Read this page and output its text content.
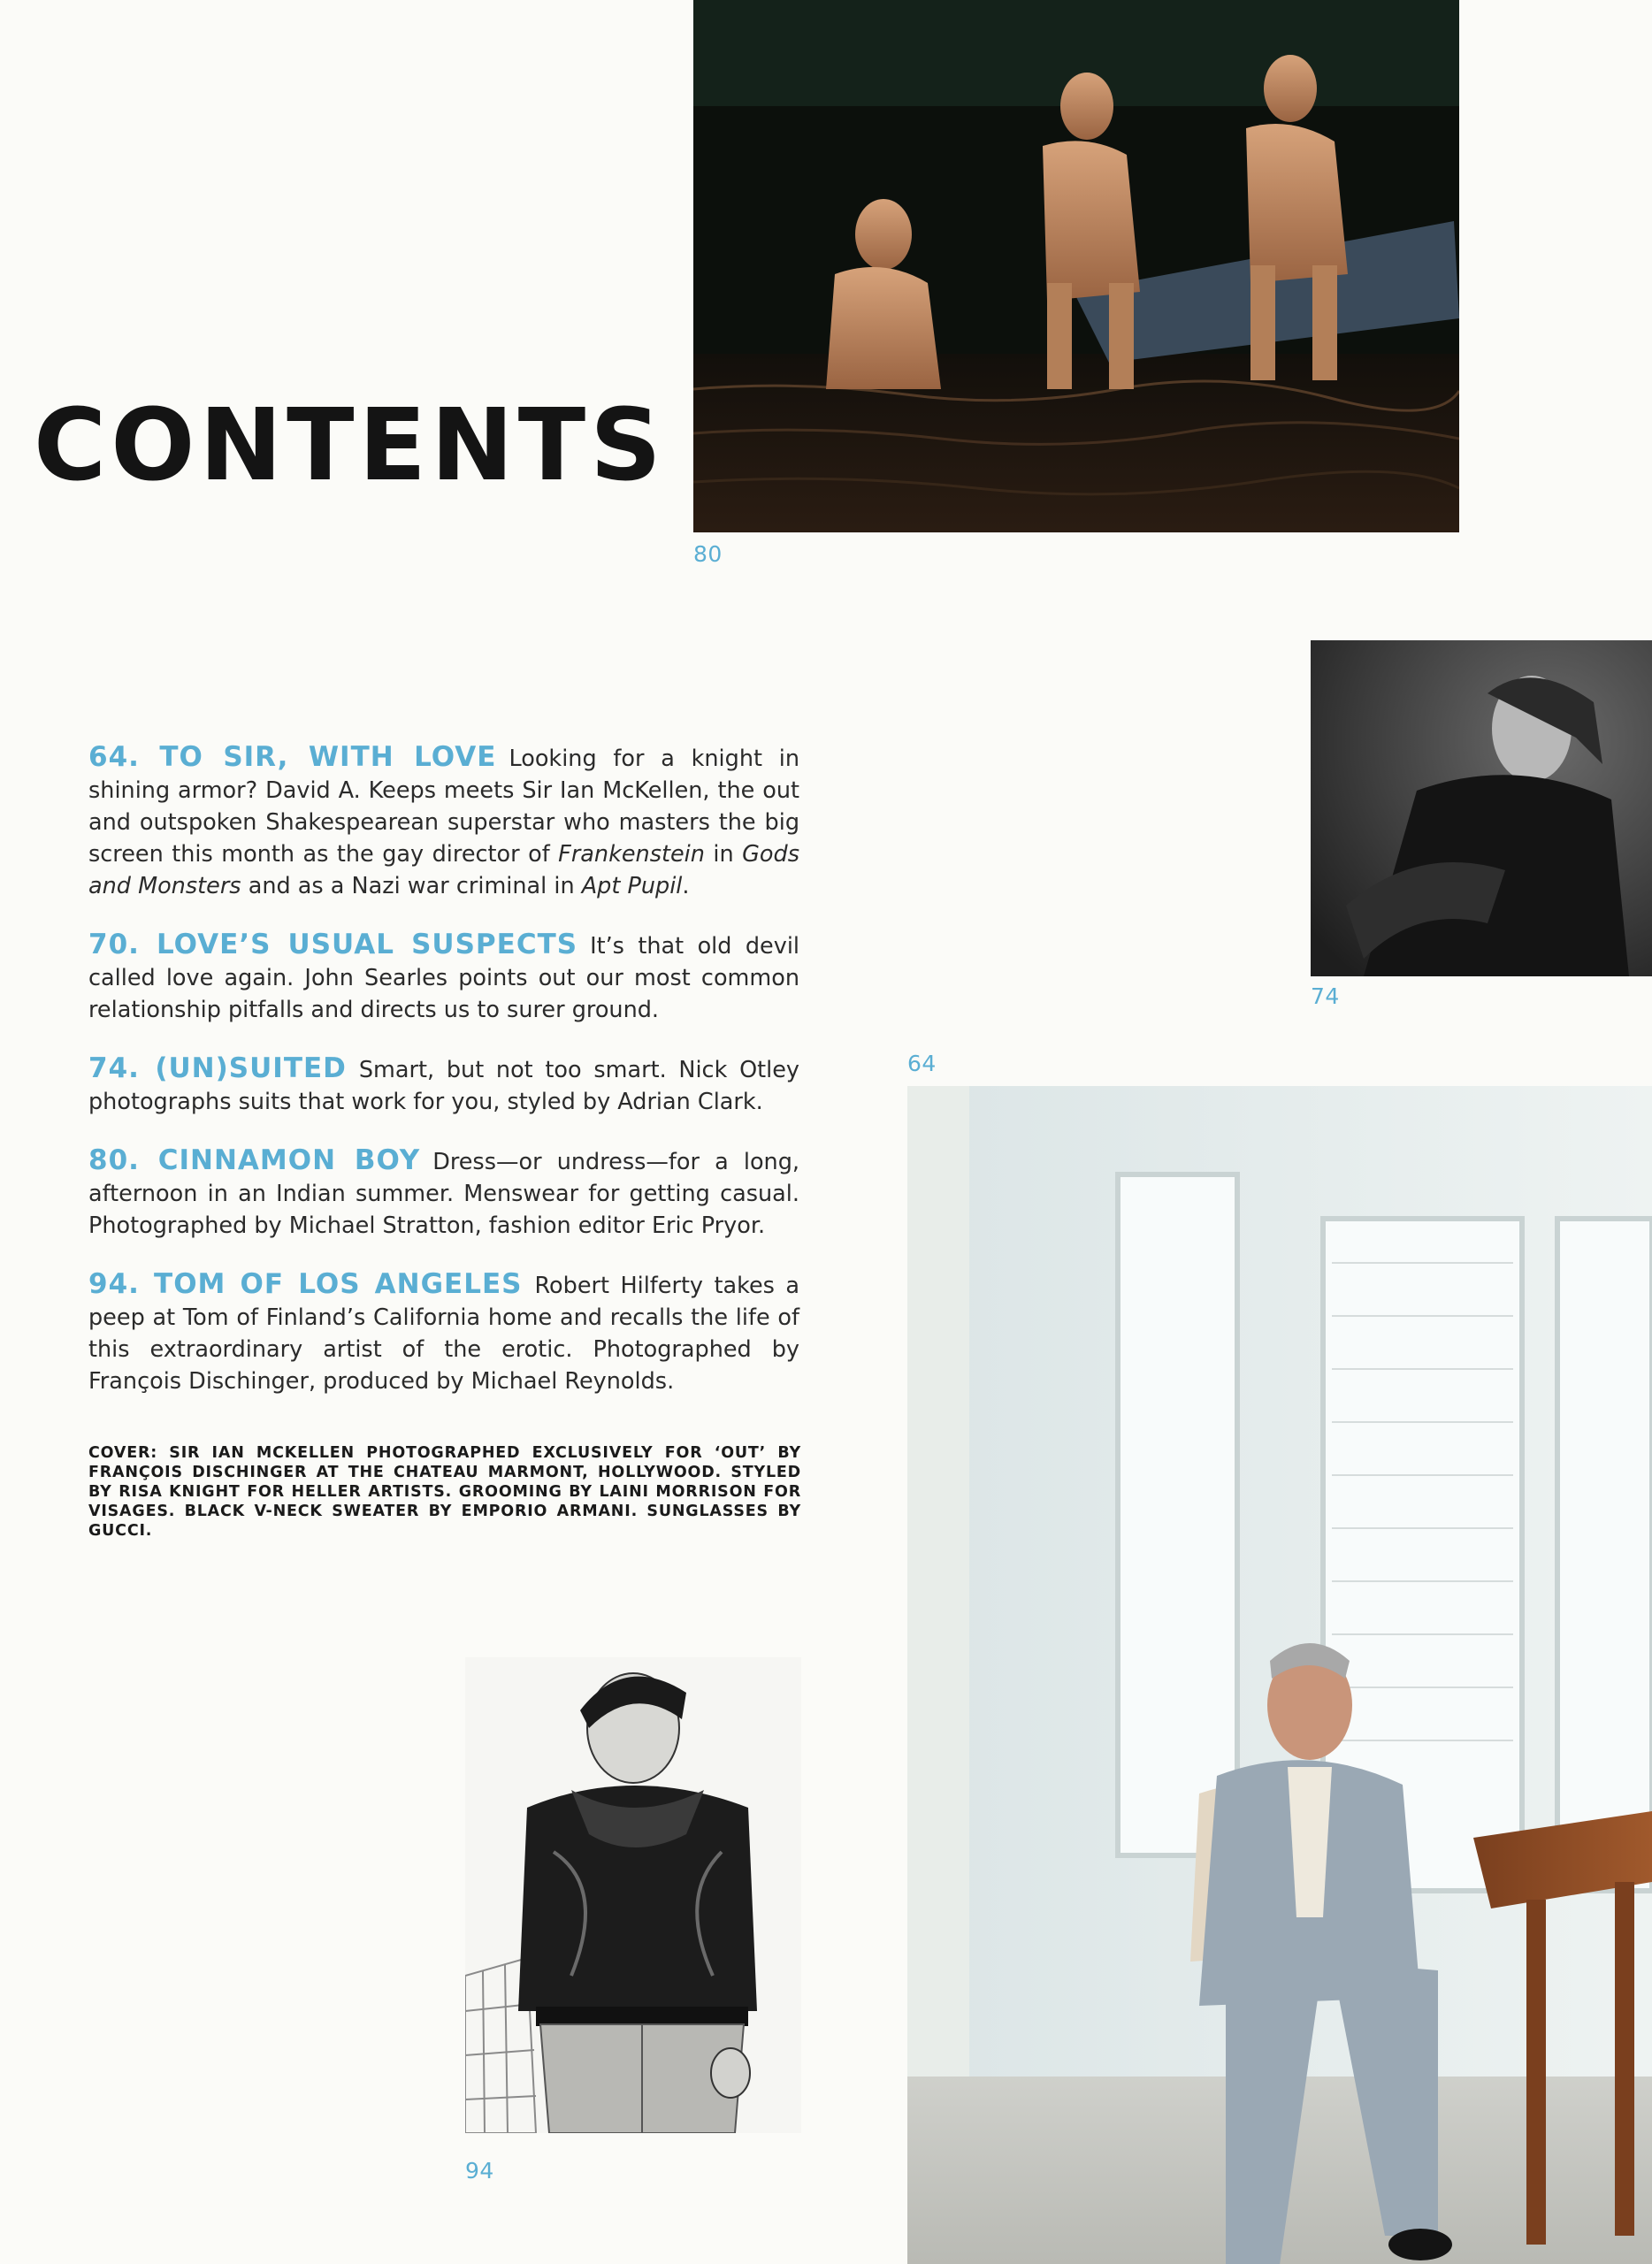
CONTENTS
80
74
64
94

64. TO SIR, WITH LOVE Looking for a knight in shining armor? David A. Keeps meets Sir Ian McKellen, the out and outspoken Shakespearean superstar who masters the big screen this month as the gay director of Frankenstein in Gods and Monsters and as a Nazi war criminal in Apt Pupil.

70. LOVE’S USUAL SUSPECTS It’s that old devil called love again. John Searles points out our most common relationship pitfalls and directs us to surer ground.

74. (UN)SUITED Smart, but not too smart. Nick Otley photographs suits that work for you, styled by Adrian Clark.

80. CINNAMON BOY Dress—or undress—for a long, afternoon in an Indian summer. Menswear for getting casual. Photographed by Michael Stratton, fashion editor Eric Pryor.

94. TOM OF LOS ANGELES Robert Hilferty takes a peep at Tom of Finland’s California home and recalls the life of this extraordinary artist of the erotic. Photographed by François Dischinger, produced by Michael Reynolds.

COVER: SIR IAN MCKELLEN PHOTOGRAPHED EXCLUSIVELY FOR ‘OUT’ BY FRANÇOIS DISCHINGER AT THE CHATEAU MARMONT, HOLLYWOOD. STYLED BY RISA KNIGHT FOR HELLER ARTISTS. GROOMING BY LAINI MORRISON FOR VISAGES. BLACK V-NECK SWEATER BY EMPORIO ARMANI. SUNGLASSES BY GUCCI.
